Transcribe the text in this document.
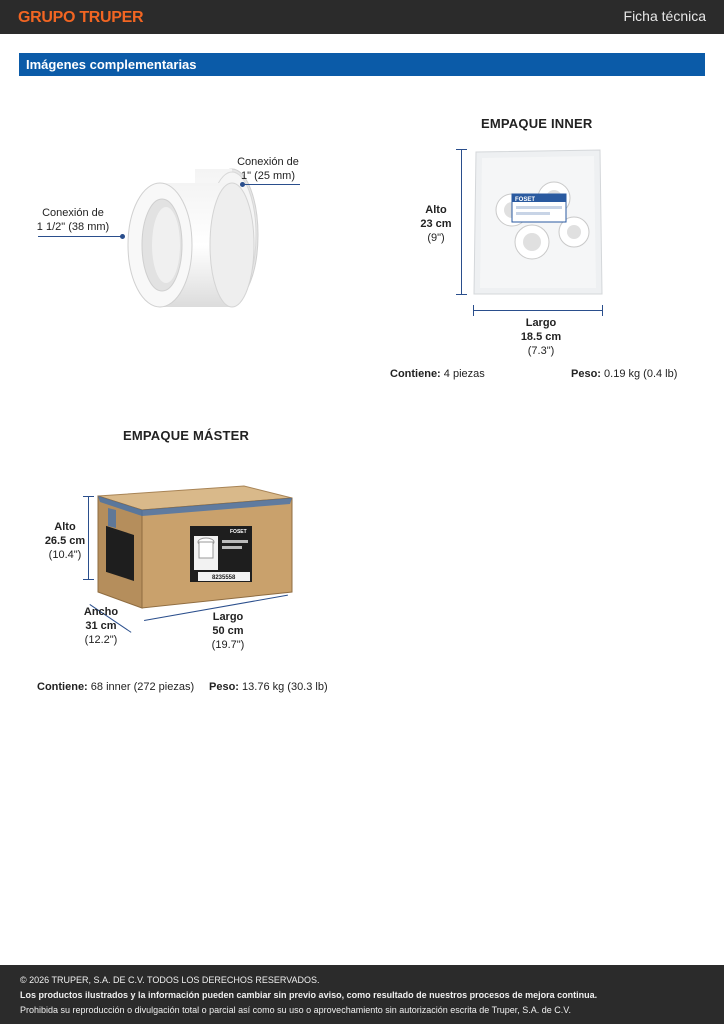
GRUPO TRUPER	Ficha técnica
Imágenes complementarias
Conexión de
1" (25 mm)
Conexión de
1 1/2" (38 mm)
EMPAQUE INNER
FOSET
Alto
23 cm
(9")
Largo
18.5 cm
(7.3")
Contiene: 4 piezas	Peso: 0.19 kg (0.4 lb)
EMPAQUE MÁSTER
FOSET
8235558
Alto
26.5 cm
(10.4")
Ancho
31 cm
(12.2")
Largo
50 cm
(19.7")
Contiene: 68 inner (272 piezas) Peso: 13.76 kg (30.3 lb)
© 2026 TRUPER, S.A. DE C.V. TODOS LOS DERECHOS RESERVADOS.
Los productos ilustrados y la información pueden cambiar sin previo aviso, como resultado de nuestros procesos de mejora continua.
Prohibida su reproducción o divulgación total o parcial así como su uso o aprovechamiento sin autorización escrita de Truper, S.A. de C.V.
